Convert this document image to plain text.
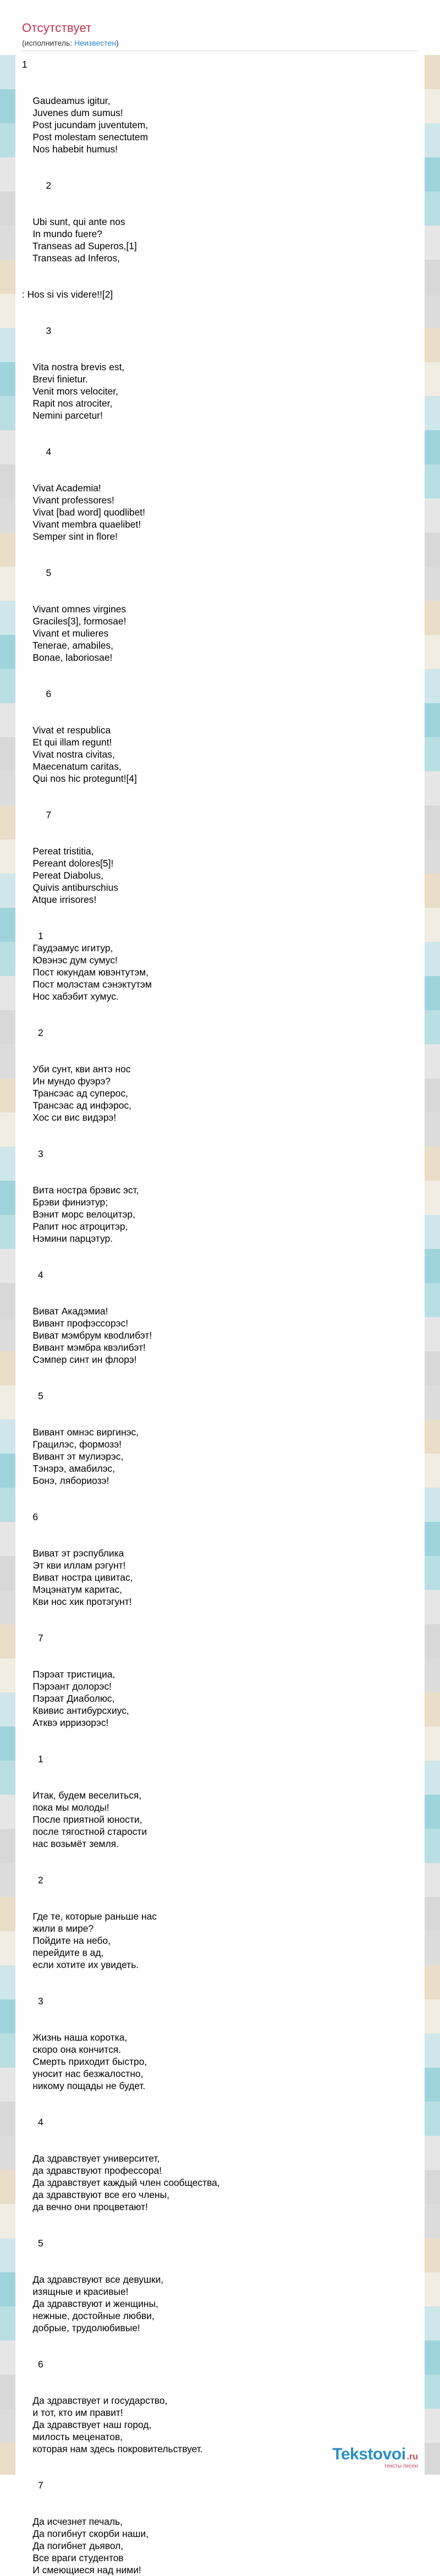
Отсутствует
(исполнитель: Неизвестен)
1

Gaudeamus igitur,
Juvenes dum sumus!
Post jucundam juventutem,
Post molestam senectutem
Nos habebit humus!

2

Ubi sunt, qui ante nos
In mundo fuere?
Transeas ad Superos,[1]
Transeas ad Inferos,

: Hos si vis videre!![2]

3

Vita nostra brevis est,
Brevi finietur.
Venit mors velociter,
Rapit nos atrociter,
Nemini parcetur!

4

Vivat Academia!
Vivant professores!
Vivat [bad word] quodlibet!
Vivant membra quaelibet!
Semper sint in flore!

5

Vivant omnes virgines
Graciles[3], formosae!
Vivant et mulieres
Tenerae, amabiles,
Bonae, laboriosae!

6

Vivat et respublica
Et qui illam regunt!
Vivat nostra civitas,
Maecenatum caritas,
Qui nos hic protegunt![4]

7

Pereat tristitia,
Pereant dolores[5]!
Pereat Diabolus,
Quivis antiburschius
Atque irrisores!

1
Гаудэамус игитур,
Ювэнэс дум сумус!
Пост юкундам ювэнтутэм,
Пост молэстам сэнэктутэм
Нос хабэбит хумус.

2

Уби сунт, кви антэ нос
Ин мундо фуэрэ?
Трансэас ад суперос,
Трансэас ад инфэрос,
Хос си вис видэрэ!

3

Вита ностра брэвис эст,
Брэви финиэтур;
Вэнит морс велоцитэр,
Рапит нос атроцитэр,
Нэмини парцэтур.

4

Виват Акадэмиа!
Вивант профэссорэс!
Виват мэмбрум квodлибэт!
Вивант мэмбра квэлибэт!
Сэмпер синт ин флорэ!

5

Вивант омнэс виргинэс,
Грацилэс, формозэ!
Вивант эт мулиэрэс,
Тэнэрэ, амабилэс,
Бонэ, лябориозэ!

6

Виват эт рэспублика
Эт кви иллам рэгунт!
Виват ностра цивитас,
Мэцэнатум каритас,
Кви нос хик протэгунт!

7

Пэрэат тристициа,
Пэрэант долорэс!
Пэрэат Диаболюс,
Квивис антибурсхиус,
Атквэ ирризорэс!

1

Итак, будем веселиться,
пока мы молоды!
После приятной юности,
после тягостной старости
нас возьмёт земля.

2

Где те, которые раньше нас
жили в мире?
Пойдите на небо,
перейдите в ад,
если хотите их увидеть.

3

Жизнь наша коротка,
скоро она кончится.
Смерть приходит быстро,
уносит нас безжалостно,
никому пощады не будет.

4

Да здравствует университет,
да здравствуют профессора!
Да здравствует каждый член сообщества,
да здравствуют все его члены,
да вечно они процветают!

5

Да здравствуют все девушки,
изящные и красивые!
Да здравствуют и женщины,
нежные, достойные любви,
добрые, трудолюбивые!

6

Да здравствует и государство,
и тот, кто им правит!
Да здравствует наш город,
милость меценатов,
которая нам здесь покровительствует.

7

Да исчезнет печаль,
Да погибнут скорби наши,
Да погибнет дьявол,
Все враги студентов
И смеющиеся над ними!
Tekstovoi .ru
тексты песен
